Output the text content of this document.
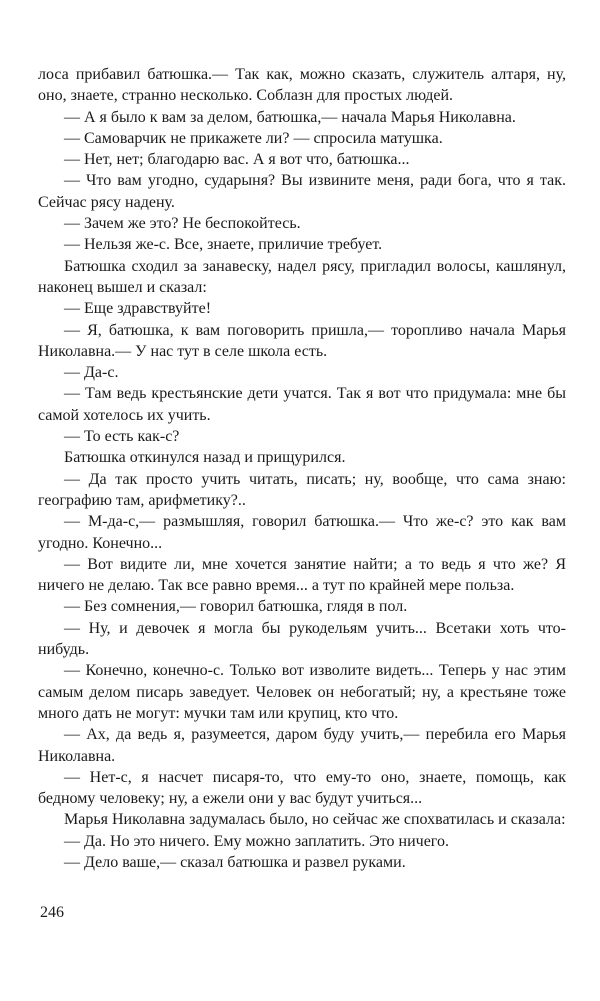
лоса прибавил батюшка.— Так как, можно сказать, служитель алтаря, ну, оно, знаете, странно несколько. Соблазн для простых людей.

— А я было к вам за делом, батюшка,— начала Марья Николавна.

— Самоварчик не прикажете ли? — спросила матушка.

— Нет, нет; благодарю вас. А я вот что, батюшка...

— Что вам угодно, сударыня? Вы извините меня, ради бога, что я так. Сейчас рясу надену.

— Зачем же это? Не беспокойтесь.

— Нельзя же-с. Все, знаете, приличие требует.

Батюшка сходил за занавеску, надел рясу, пригладил волосы, кашлянул, наконец вышел и сказал:

— Еще здравствуйте!

— Я, батюшка, к вам поговорить пришла,— торопливо начала Марья Николавна.— У нас тут в селе школа есть.

— Да-с.

— Там ведь крестьянские дети учатся. Так я вот что придумала: мне бы самой хотелось их учить.

— То есть как-с?

Батюшка откинулся назад и прищурился.

— Да так просто учить читать, писать; ну, вообще, что сама знаю: географию там, арифметику?..

— М-да-с,— размышляя, говорил батюшка.— Что же-с? это как вам угодно. Конечно...

— Вот видите ли, мне хочется занятие найти; а то ведь я что же? Я ничего не делаю. Так все равно время... а тут по крайней мере польза.

— Без сомнения,— говорил батюшка, глядя в пол.

— Ну, и девочек я могла бы рукодельям учить... Всетаки хоть что-нибудь.

— Конечно, конечно-с. Только вот изволите видеть... Теперь у нас этим самым делом писарь заведует. Человек он небогатый; ну, а крестьяне тоже много дать не могут: мучки там или крупиц, кто что.

— Ах, да ведь я, разумеется, даром буду учить,— перебила его Марья Николавна.

— Нет-с, я насчет писаря-то, что ему-то оно, знаете, помощь, как бедному человеку; ну, а ежели они у вас будут учиться...

Марья Николавна задумалась было, но сейчас же спохватилась и сказала:

— Да. Но это ничего. Ему можно заплатить. Это ничего.

— Дело ваше,— сказал батюшка и развел руками.

246
